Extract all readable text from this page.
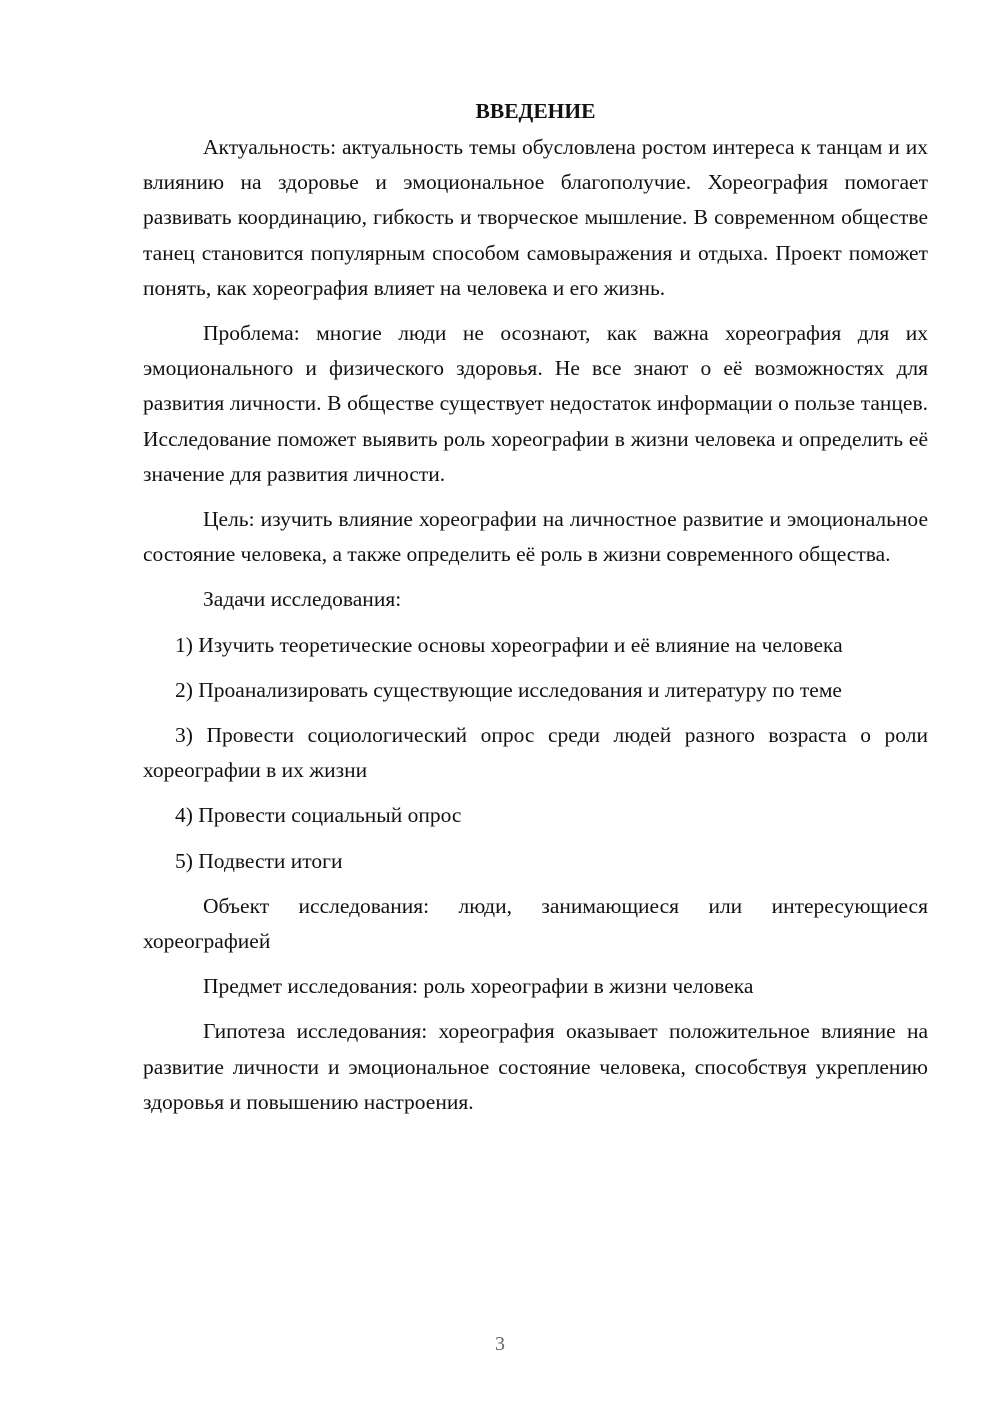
ВВЕДЕНИЕ

Актуальность: актуальность темы обусловлена ростом интереса к танцам и их влиянию на здоровье и эмоциональное благополучие. Хореография помогает развивать координацию, гибкость и творческое мышление. В современном обществе танец становится популярным способом самовыражения и отдыха. Проект поможет понять, как хореография влияет на человека и его жизнь.

Проблема: многие люди не осознают, как важна хореография для их эмоционального и физического здоровья. Не все знают о её возможностях для развития личности. В обществе существует недостаток информации о пользе танцев. Исследование поможет выявить роль хореографии в жизни человека и определить её значение для развития личности.

Цель: изучить влияние хореографии на личностное развитие и эмоциональное состояние человека, а также определить её роль в жизни современного общества.

Задачи исследования:

1) Изучить теоретические основы хореографии и её влияние на человека

2) Проанализировать существующие исследования и литературу по теме

3) Провести социологический опрос среди людей разного возраста о роли хореографии в их жизни

4) Провести социальный опрос

5) Подвести итоги

Объект исследования: люди, занимающиеся или интересующиеся хореографией

Предмет исследования: роль хореографии в жизни человека

Гипотеза исследования: хореография оказывает положительное влияние на развитие личности и эмоциональное состояние человека, способствуя укреплению здоровья и повышению настроения.

3
